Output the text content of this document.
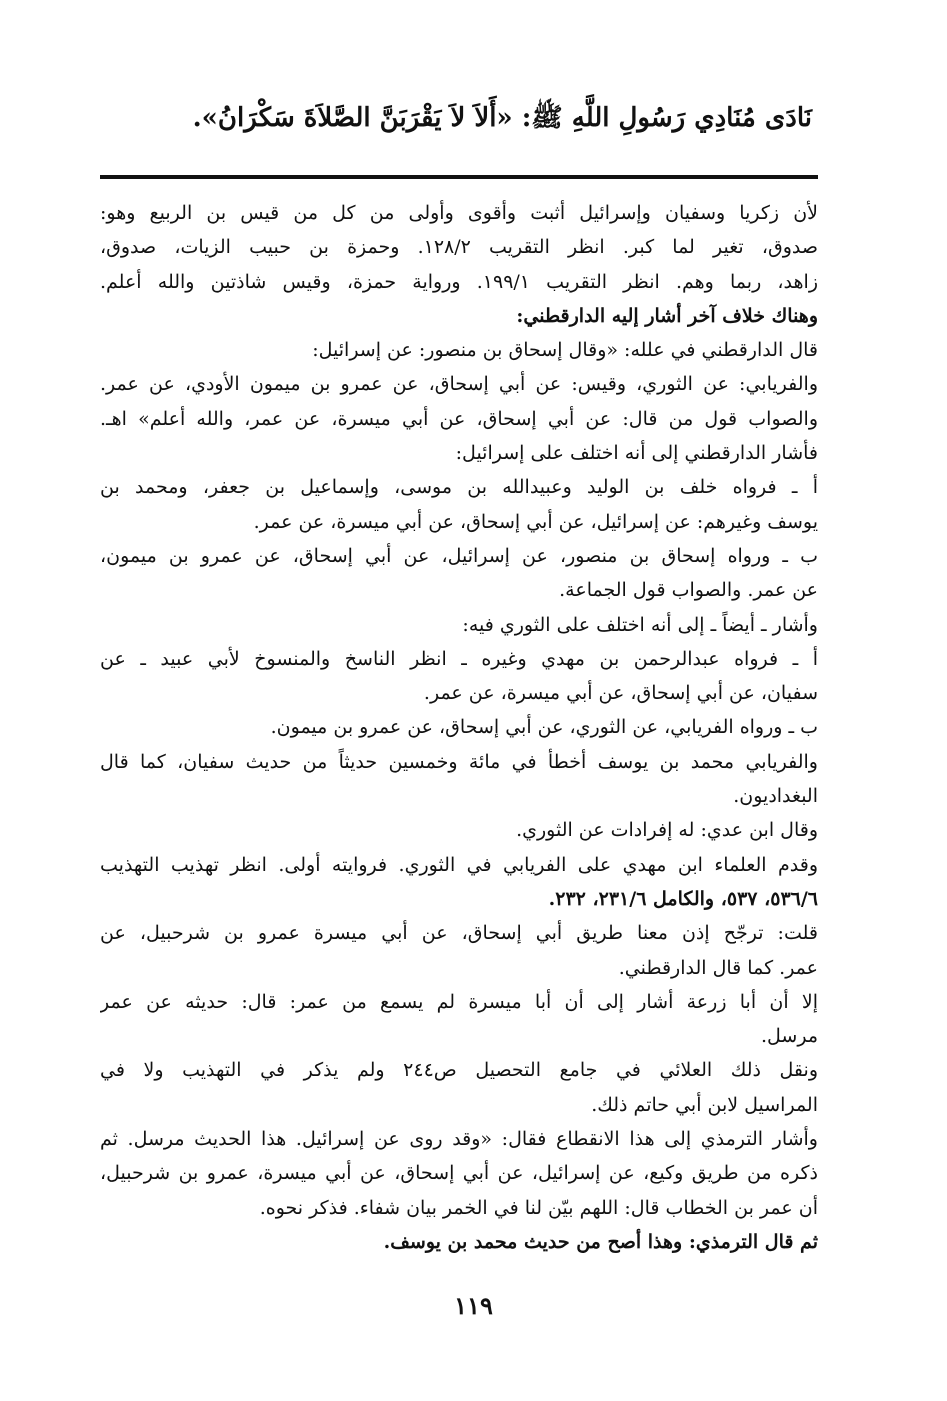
نَادَى مُنَادِي رَسُولِ اللَّهِ ﷺ: «أَلاَ لاَ يَقْرَبَنَّ الصَّلاَةَ سَكْرَانُ».
لأن زكريا وسفيان وإسرائيل أثبت وأقوى وأولى من كل من قيس بن الربيع وهو:
صدوق، تغير لما كبر. انظر التقريب ١٢٨/٢. وحمزة بن حبيب الزيات، صدوق،
زاهد، ربما وهم. انظر التقريب ١٩٩/١. ورواية حمزة، وقيس شاذتين والله أعلم.
وهناك خلاف آخر أشار إليه الدارقطني:
قال الدارقطني في علله: «وقال إسحاق بن منصور: عن إسرائيل:
والفريابي: عن الثوري، وقيس: عن أبي إسحاق، عن عمرو بن ميمون الأودي، عن عمر.
والصواب قول من قال: عن أبي إسحاق، عن أبي ميسرة، عن عمر، والله أعلم» اهـ.
فأشار الدارقطني إلى أنه اختلف على إسرائيل:
أ ـ فرواه خلف بن الوليد وعبيدالله بن موسى، وإسماعيل بن جعفر، ومحمد بن
يوسف وغيرهم: عن إسرائيل، عن أبي إسحاق، عن أبي ميسرة، عن عمر.
ب ـ ورواه إسحاق بن منصور، عن إسرائيل، عن أبي إسحاق، عن عمرو بن ميمون،
عن عمر. والصواب قول الجماعة.
وأشار ـ أيضاً ـ إلى أنه اختلف على الثوري فيه:
أ ـ فرواه عبدالرحمن بن مهدي وغيره ـ انظر الناسخ والمنسوخ لأبي عبيد ـ عن
سفيان، عن أبي إسحاق، عن أبي ميسرة، عن عمر.
ب ـ ورواه الفريابي، عن الثوري، عن أبي إسحاق، عن عمرو بن ميمون.
والفريابي محمد بن يوسف أخطأ في مائة وخمسين حديثاً من حديث سفيان، كما قال
البغداديون.
وقال ابن عدي: له إفرادات عن الثوري.
وقدم العلماء ابن مهدي على الفريابي في الثوري. فروايته أولى. انظر تهذيب التهذيب
٥٣٦/٦، ٥٣٧، والكامل ٢٣١/٦، ٢٣٢.
قلت: ترجّح إذن معنا طريق أبي إسحاق، عن أبي ميسرة عمرو بن شرحبيل، عن
عمر. كما قال الدارقطني.
إلا أن أبا زرعة أشار إلى أن أبا ميسرة لم يسمع من عمر: قال: حديثه عن عمر
مرسل.
ونقل ذلك العلائي في جامع التحصيل ص٢٤٤ ولم يذكر في التهذيب ولا في
المراسيل لابن أبي حاتم ذلك.
وأشار الترمذي إلى هذا الانقطاع فقال: «وقد روى عن إسرائيل. هذا الحديث مرسل. ثم
ذكره من طريق وكيع، عن إسرائيل، عن أبي إسحاق، عن أبي ميسرة، عمرو بن شرحبيل،
أن عمر بن الخطاب قال: اللهم بيّن لنا في الخمر بيان شفاء. فذكر نحوه.
ثم قال الترمذي: وهذا أصح من حديث محمد بن يوسف.
١١٩
